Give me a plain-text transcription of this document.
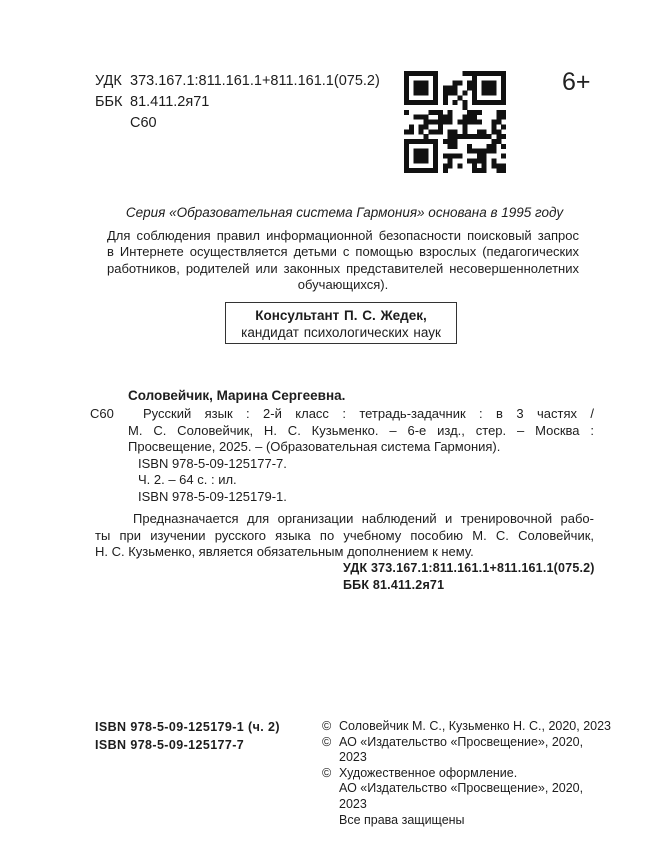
УДК 373.167.1:811.161.1+811.161.1(075.2)
ББК 81.411.2я71
С60
6+
Серия «Образовательная система Гармония» основана в 1995 году
Для соблюдения правил информационной безопасности поисковый запрос
в Интернете осуществляется детьми с помощью взрослых (педагогических
работников, родителей или законных представителей несовершеннолетних
обучающихся).
Консультант П. С. Жедек,
кандидат психологических наук
Соловейчик, Марина Сергеевна.
С60 Русский язык : 2-й класс : тетрадь-задачник : в 3 частях /
М. С. Соловейчик, Н. С. Кузьменко. – 6-е изд., стер. – Москва :
Просвещение, 2025. – (Образовательная система Гармония).
ISBN 978-5-09-125177-7.
Ч. 2. – 64 с. : ил.
ISBN 978-5-09-125179-1.
Предназначается для организации наблюдений и тренировочной рабо-
ты при изучении русского языка по учебному пособию М. С. Соловейчик,
Н. С. Кузьменко, является обязательным дополнением к нему.
УДК 373.167.1:811.161.1+811.161.1(075.2)
ББК 81.411.2я71
ISBN 978-5-09-125179-1 (ч. 2)
ISBN 978-5-09-125177-7
© Соловейчик М. С., Кузьменко Н. С., 2020, 2023
© АО «Издательство «Просвещение», 2020, 2023
© Художественное оформление.
АО «Издательство «Просвещение», 2020, 2023
Все права защищены
